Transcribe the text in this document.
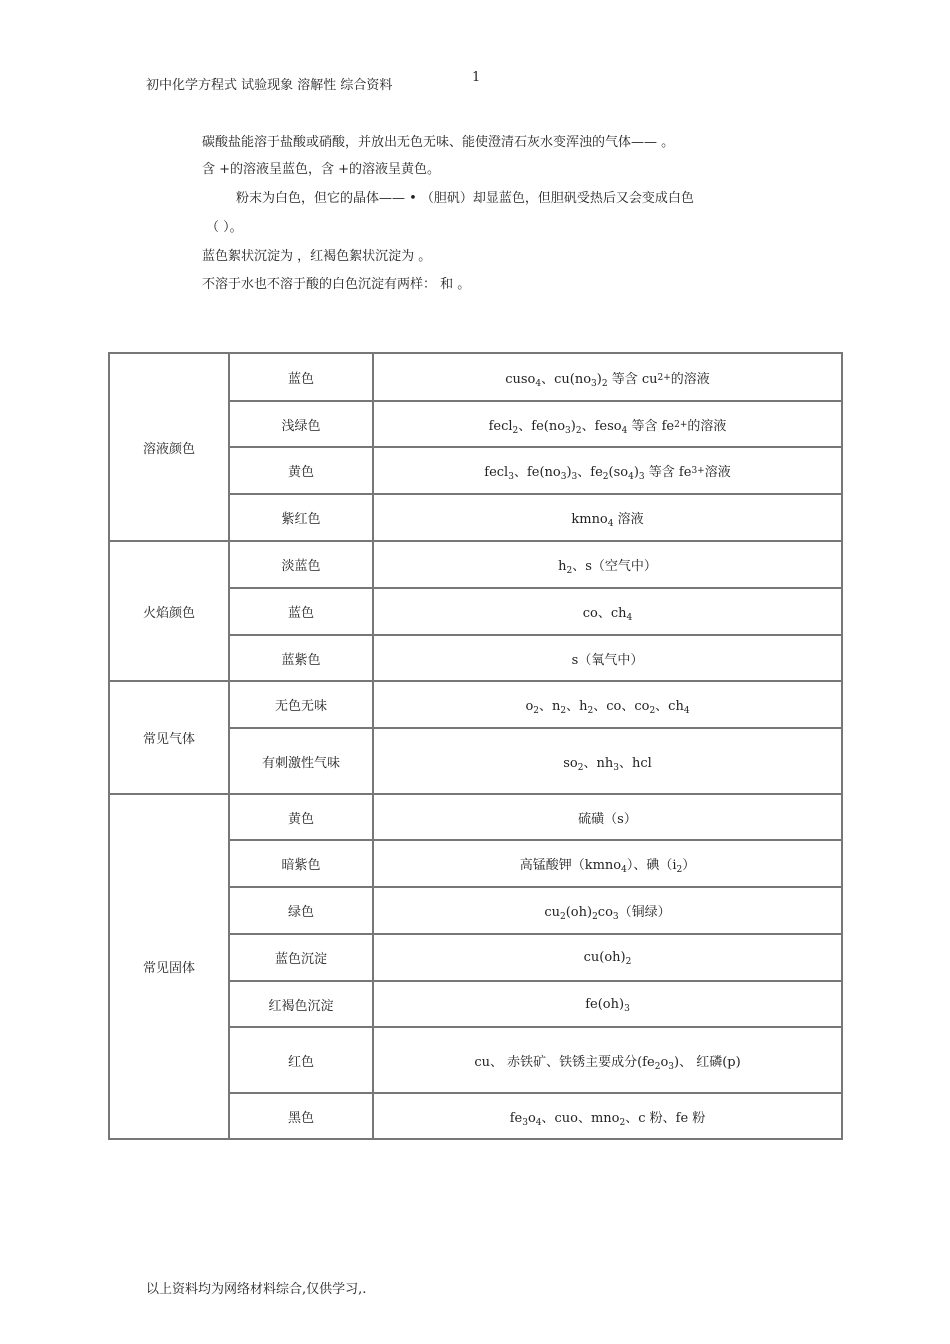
初中化学方程式 试验现象 溶解性 综合资料
1
碳酸盐能溶于盐酸或硝酸，并放出无色无味、能使澄清石灰水变浑浊的气体—— 。
含 +的溶液呈蓝色，含 +的溶液呈黄色。
粉末为白色，但它的晶体—— • （胆矾）却显蓝色，但胆矾受热后又会变成白色
（ ）。
蓝色絮状沉淀为 ，红褐色絮状沉淀为 。
不溶于水也不溶于酸的白色沉淀有两样： 和 。
溶液颜色	蓝色	cuso$_4$、$cu(no_3)_2$ 等含 $cu^{2+}$的溶液
	浅绿色	fecl$_2$、$fe(no_3)_2$、feso$_4$ 等含 $fe^{2+}$的溶液
	黄色	fecl$_3$、$fe(no_3)_3$、$fe_2(so_4)_3$ 等含 $fe^{3+}$溶液
	紫红色	kmno$_4$ 溶液
火焰颜色	淡蓝色	$h_2$、s（空气中）
	蓝色	co、$ch_4$
	蓝紫色	s（氧气中）
常见气体	无色无味	$o_2$、$n_2$、$h_2$、co、$co_2$、$ch_4$
	有刺激性气味	$so_2$、$nh_3$、hcl
常见固体	黄色	硫磺（s）
	暗紫色	高锰酸钾（kmno$_4$）、碘$(i_2)$
	绿色	$cu_2(oh)_2co_3$（铜绿）
	蓝色沉淀	$cu(oh)_2$
	红褐色沉淀	$fe(oh)_3$
	红色	cu、 赤铁矿、铁锈主要成分$(fe_2o_3)$、 红磷(p)
	黑色	$fe_3o_4$、cuo、mno$_2$、c 粉、fe 粉
以上资料均为网络材料综合,仅供学习,.
